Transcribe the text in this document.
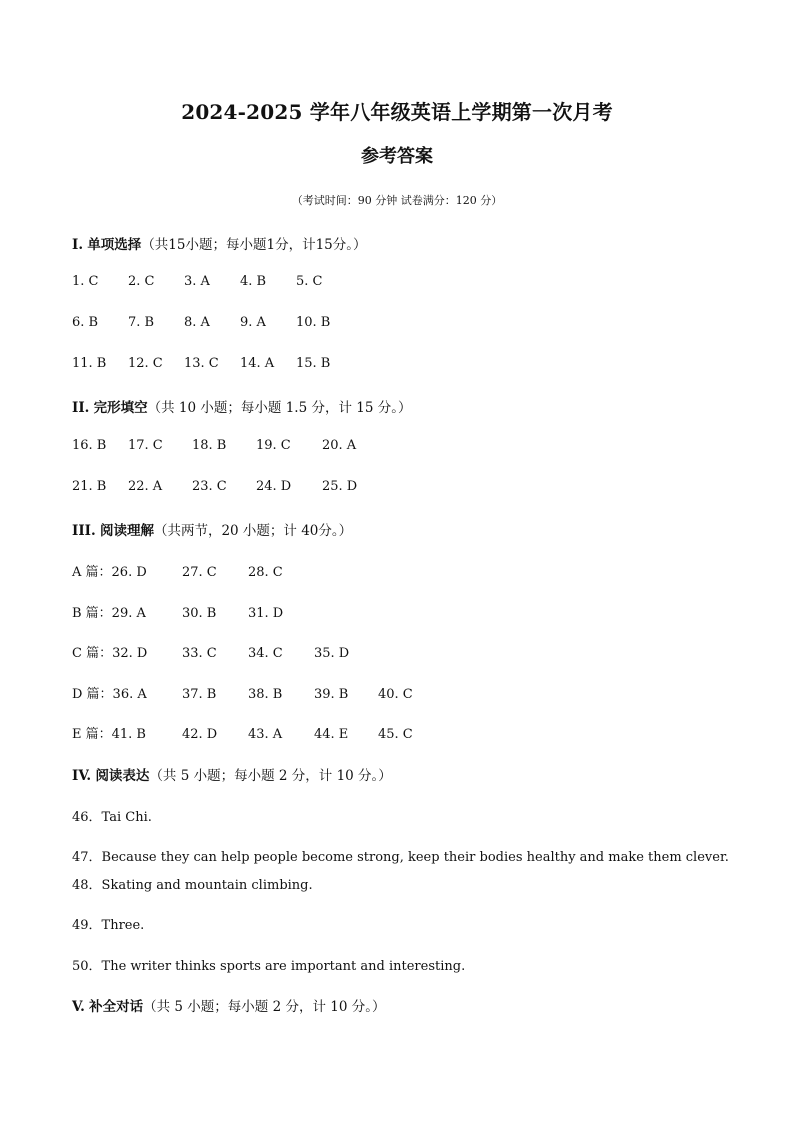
2024-2025 学年八年级英语上学期第一次月考
参考答案
（考试时间：90 分钟 试卷满分：120 分）
I. 单项选择（共15小题；每小题1分，计15分。）
1. C 2. C 3. A 4. B 5. C
6. B 7. B 8. A 9. A 10. B
11. B 12. C 13. C 14. A 15. B
II. 完形填空（共 10 小题；每小题 1.5 分，计 15 分。）
16. B 17. C 18. B 19. C 20. A
21. B 22. A 23. C 24. D 25. D
III. 阅读理解（共两节，20 小题；计 40分。）
A 篇：26. D	27. C 28. C
B 篇：29. A	30. B 31. D
C 篇：32. D	33. C 34. C 35. D
D 篇：36. A	37. B 38. B 39. B 40. C
E 篇：41. B	42. D 43. A 44. E 45. C
IV. 阅读表达（共 5 小题；每小题 2 分，计 10 分。）
46．Tai Chi.
47．Because they can help people become strong, keep their bodies healthy and make them clever.
48．Skating and mountain climbing.
49．Three.
50．The writer thinks sports are important and interesting.
V. 补全对话（共 5 小题；每小题 2 分，计 10 分。）
